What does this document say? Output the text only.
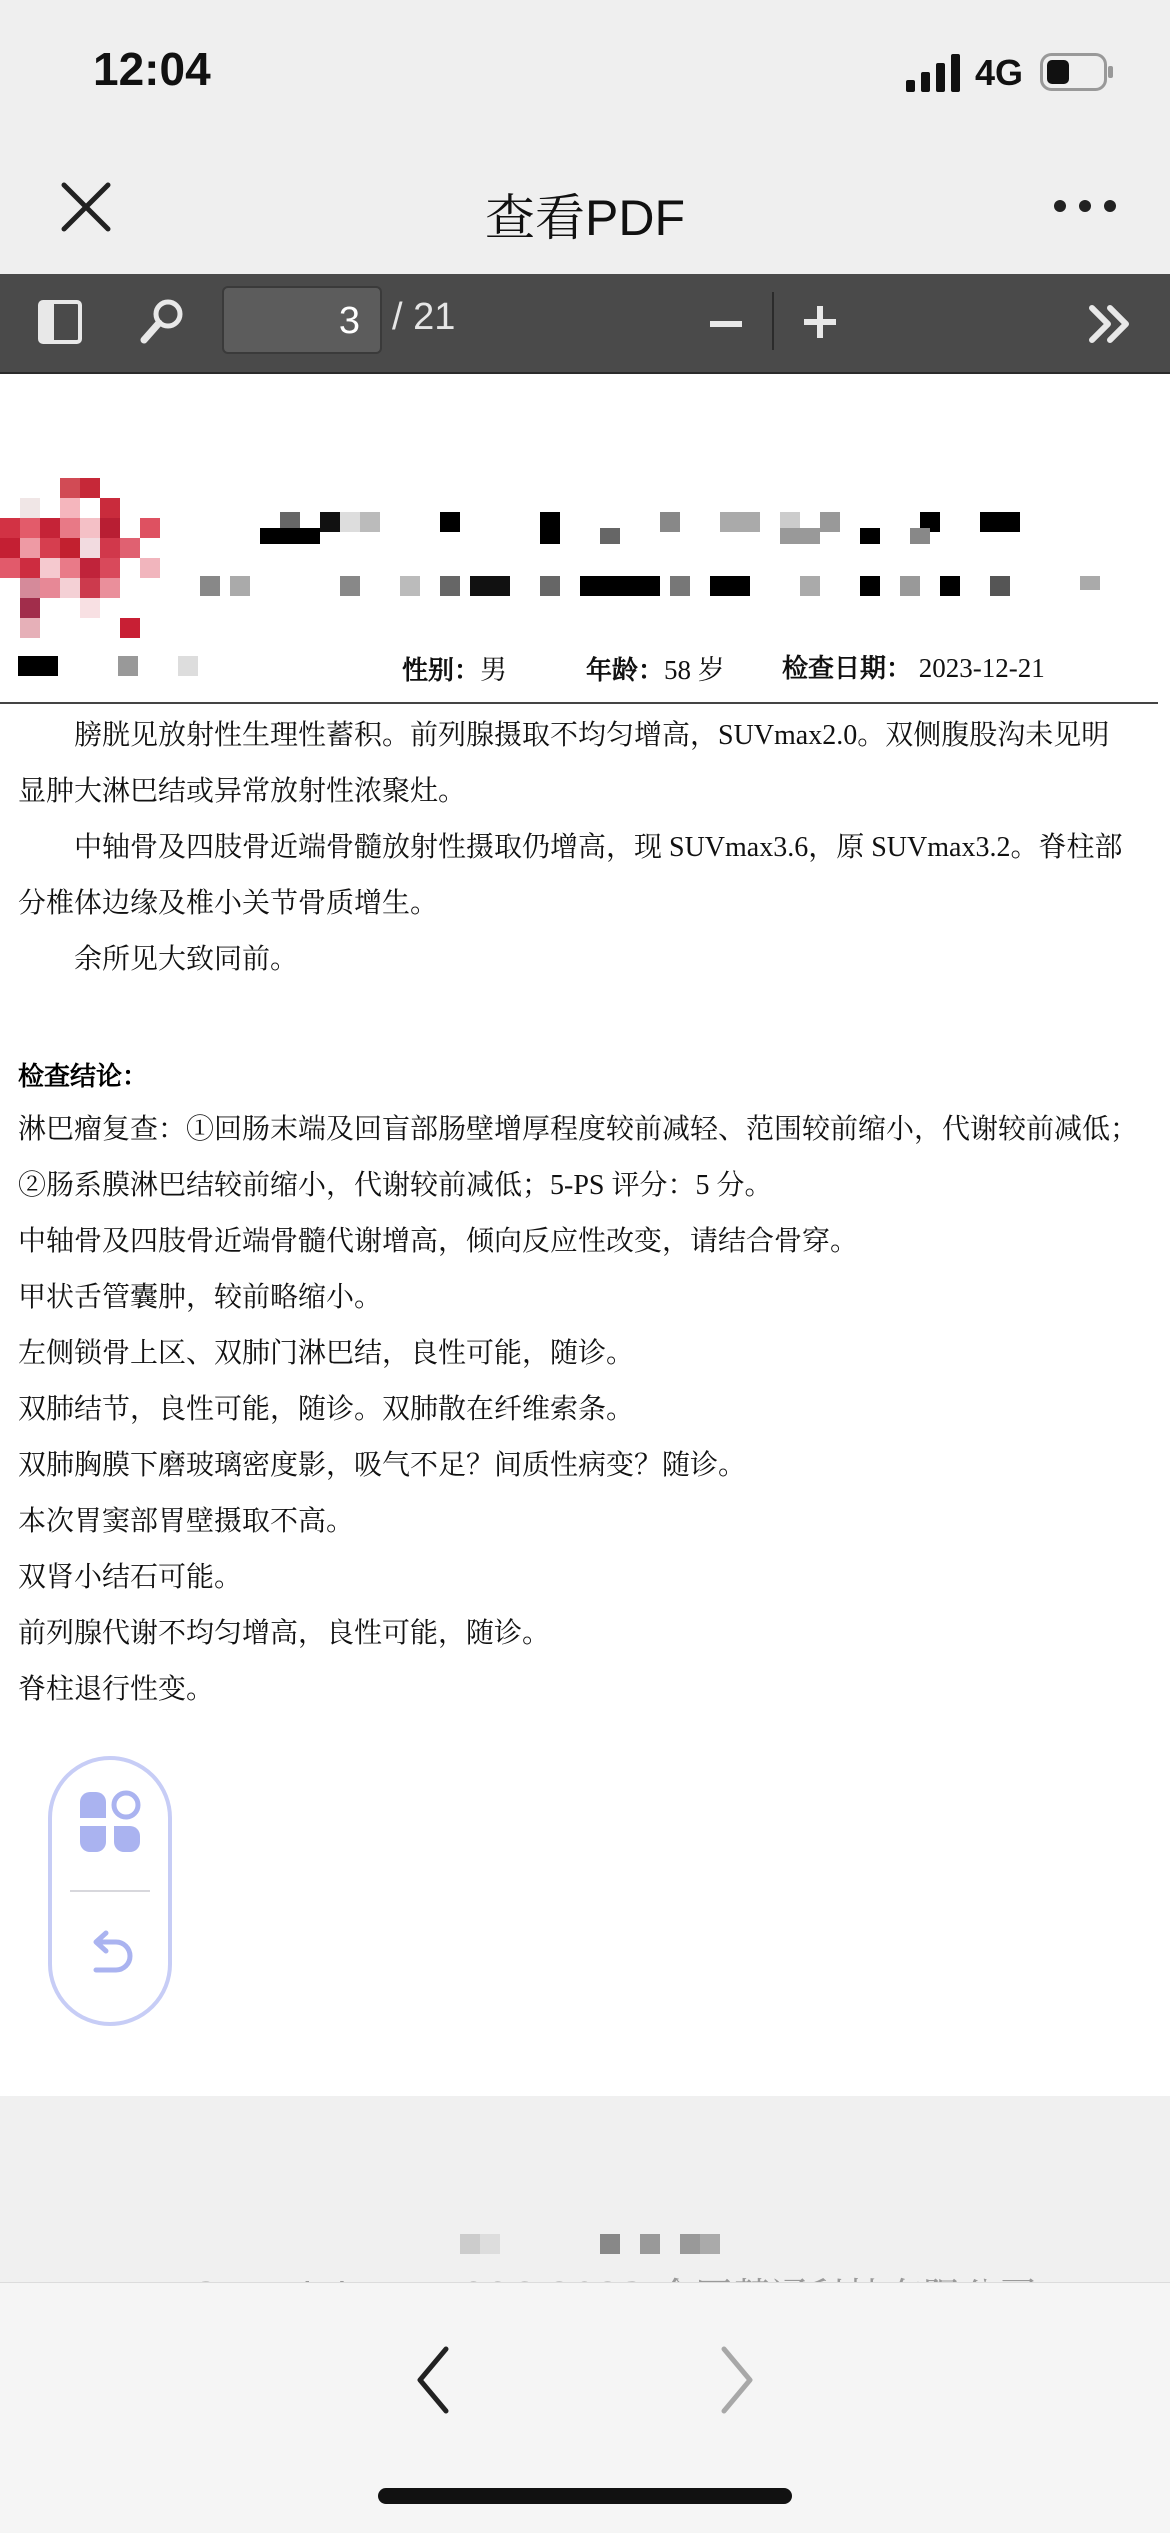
12:04	4G
查看PDF
3 / 21
性别：男	年龄：58 岁 检查日期： 2023-12-21
　　膀胱见放射性生理性蓄积。前列腺摄取不均匀增高，SUVmax2.0。双侧腹股沟未见明
显肿大淋巴结或异常放射性浓聚灶。
　　中轴骨及四肢骨近端骨髓放射性摄取仍增高，现 SUVmax3.6，原 SUVmax3.2。脊柱部
分椎体边缘及椎小关节骨质增生。
　　余所见大致同前。
检查结论：
淋巴瘤复查：①回肠末端及回盲部肠壁增厚程度较前减轻、范围较前缩小，代谢较前减低；
②肠系膜淋巴结较前缩小，代谢较前减低；5-PS 评分：5 分。
中轴骨及四肢骨近端骨髓代谢增高，倾向反应性改变，请结合骨穿。
甲状舌管囊肿，较前略缩小。
左侧锁骨上区、双肺门淋巴结，良性可能，随诊。
双肺结节，良性可能，随诊。双肺散在纤维索条。
双肺胸膜下磨玻璃密度影，吸气不足？间质性病变？随诊。
本次胃窦部胃壁摄取不高。
双肾小结石可能。
前列腺代谢不均匀增高，良性可能，随诊。
脊柱退行性变。
